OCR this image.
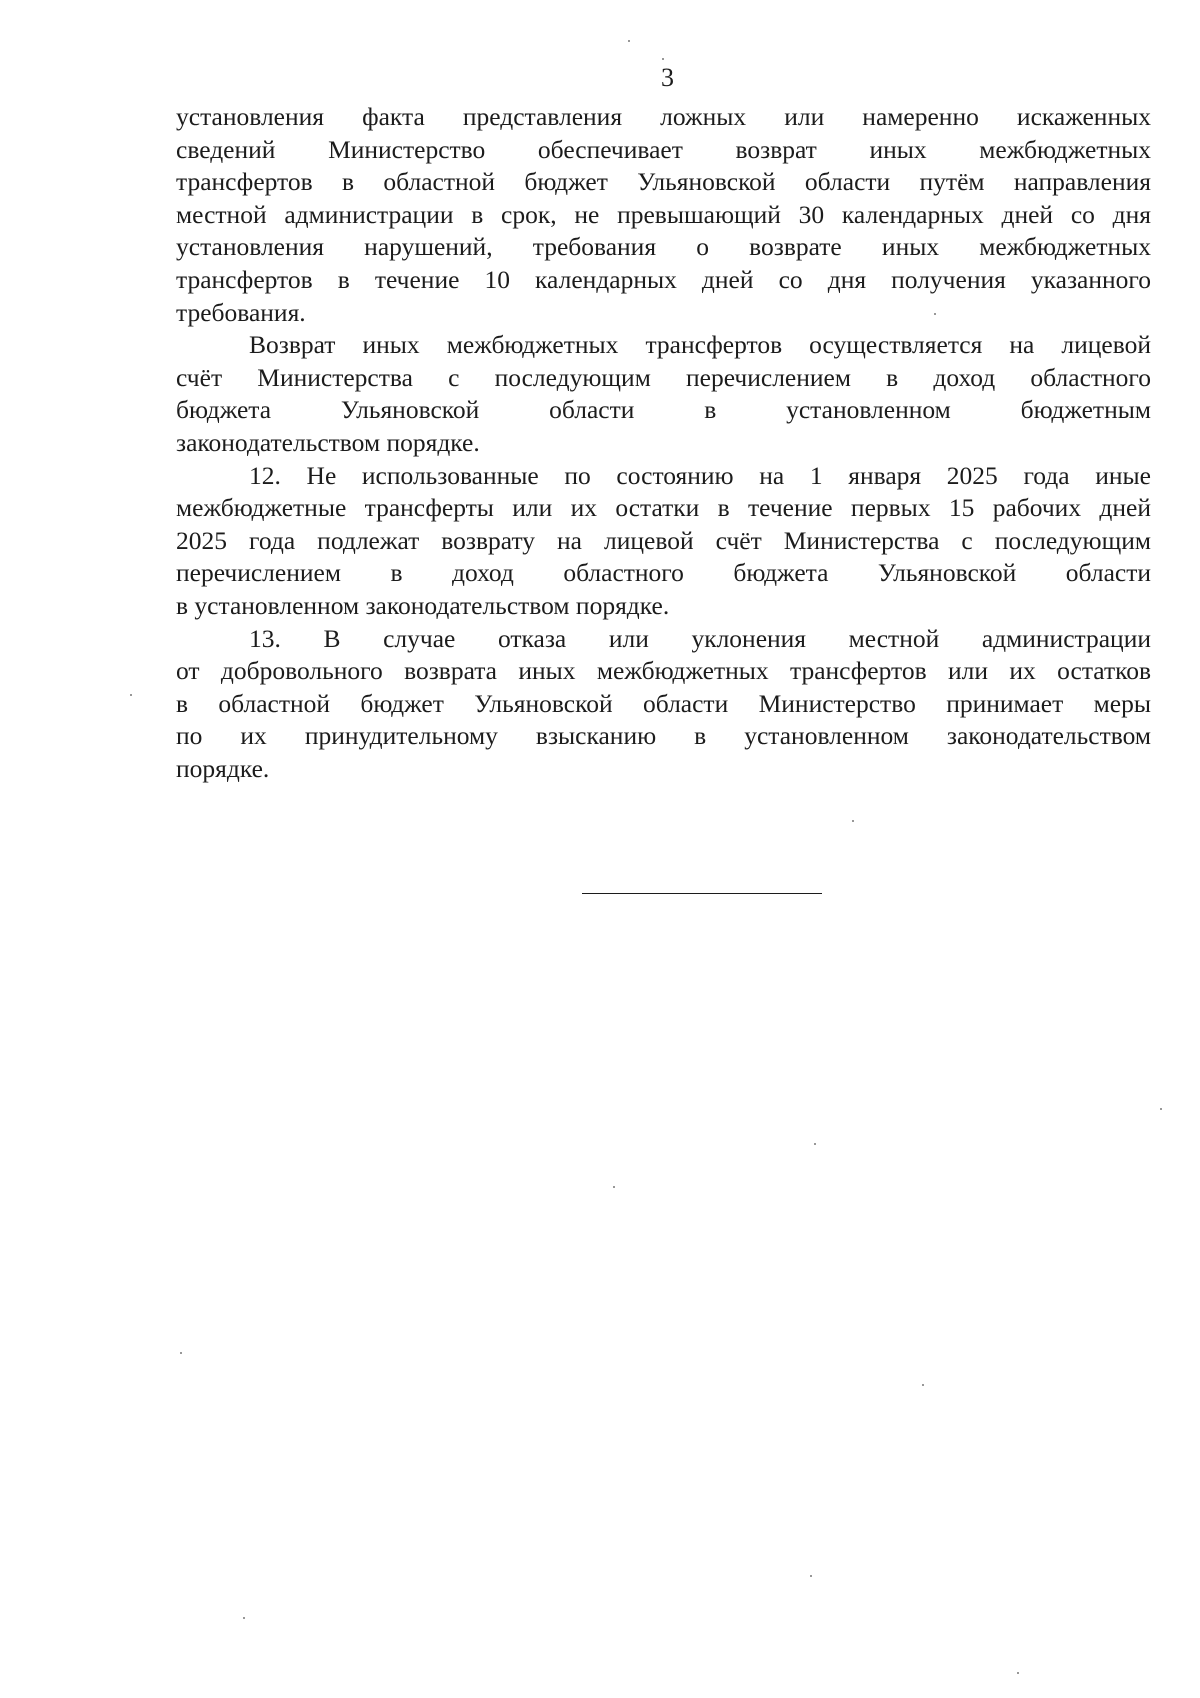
3
установления факта представления ложных или намеренно искаженных
сведений Министерство обеспечивает возврат иных межбюджетных
трансфертов в областной бюджет Ульяновской области путём направления
местной администрации в срок, не превышающий 30 календарных дней со дня
установления нарушений, требования о возврате иных межбюджетных
трансфертов в течение 10 календарных дней со дня получения указанного
требования.
Возврат иных межбюджетных трансфертов осуществляется на лицевой
счёт Министерства с последующим перечислением в доход областного
бюджета Ульяновской области в установленном бюджетным
законодательством порядке.
12. Не использованные по состоянию на 1 января 2025 года иные
межбюджетные трансферты или их остатки в течение первых 15 рабочих дней
2025 года подлежат возврату на лицевой счёт Министерства с последующим
перечислением в доход областного бюджета Ульяновской области
в установленном законодательством порядке.
13. В случае отказа или уклонения местной администрации
от добровольного возврата иных межбюджетных трансфертов или их остатков
в областной бюджет Ульяновской области Министерство принимает меры
по их принудительному взысканию в установленном законодательством
порядке.
